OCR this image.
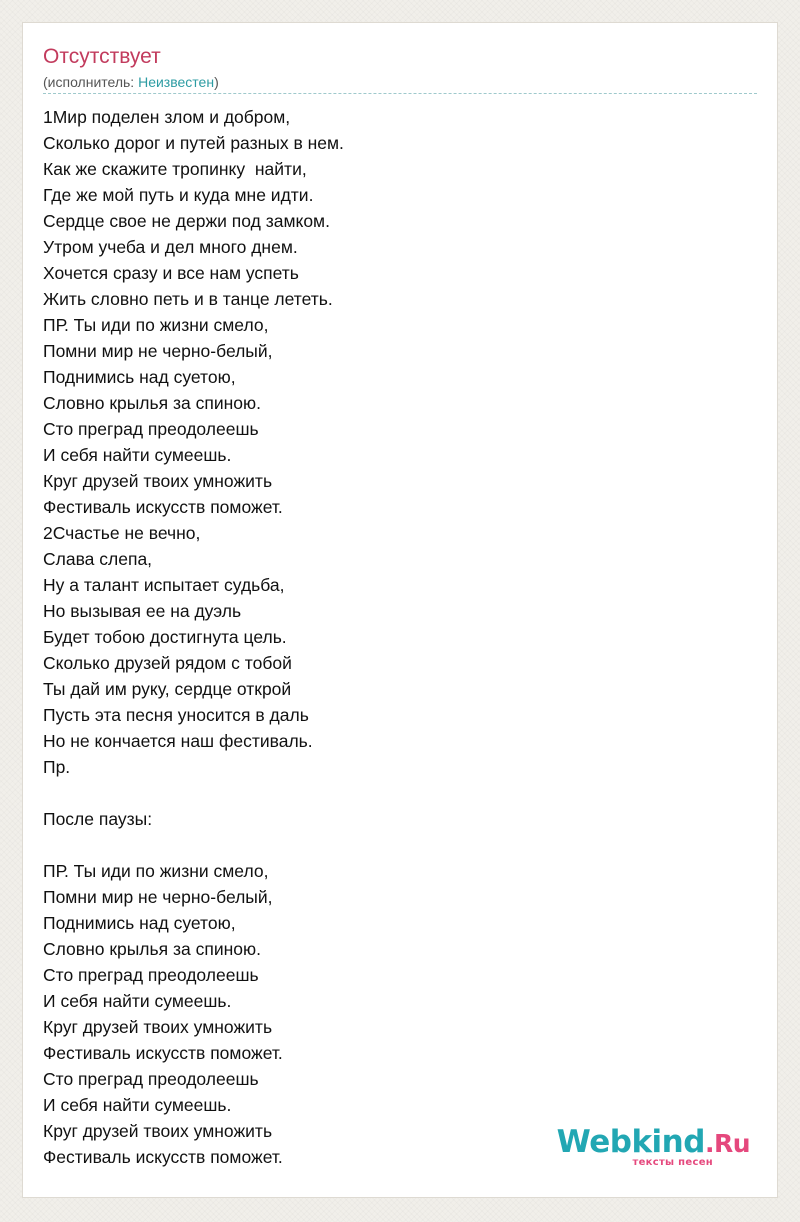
Отсутствует
(исполнитель: Неизвестен)
1Мир поделен злом и добром,
Сколько дорог и путей разных в нем.
Как же скажите тропинку  найти,
Где же мой путь и куда мне идти.
Сердце свое не держи под замком.
Утром учеба и дел много днем.
Хочется сразу и все нам успеть
Жить словно петь и в танце лететь.
ПР. Ты иди по жизни смело,
Помни мир не черно-белый,
Поднимись над суетою,
Словно крылья за спиною.
Сто преград преодолеешь
И себя найти сумеешь.
Круг друзей твоих умножить
Фестиваль искусств поможет.
2Счастье не вечно,
Слава слепа,
Ну а талант испытает судьба,
Но вызывая ее на дуэль
Будет тобою достигнута цель.
Сколько друзей рядом с тобой
Ты дай им руку, сердце открой
Пусть эта песня уносится в даль
Но не кончается наш фестиваль.
Пр.

После паузы:

ПР. Ты иди по жизни смело,
Помни мир не черно-белый,
Поднимись над суетою,
Словно крылья за спиною.
Сто преград преодолеешь
И себя найти сумеешь.
Круг друзей твоих умножить
Фестиваль искусств поможет.
Сто преград преодолеешь
И себя найти сумеешь.
Круг друзей твоих умножить
Фестиваль искусств поможет.	Webkind.Ru
тексты песен
